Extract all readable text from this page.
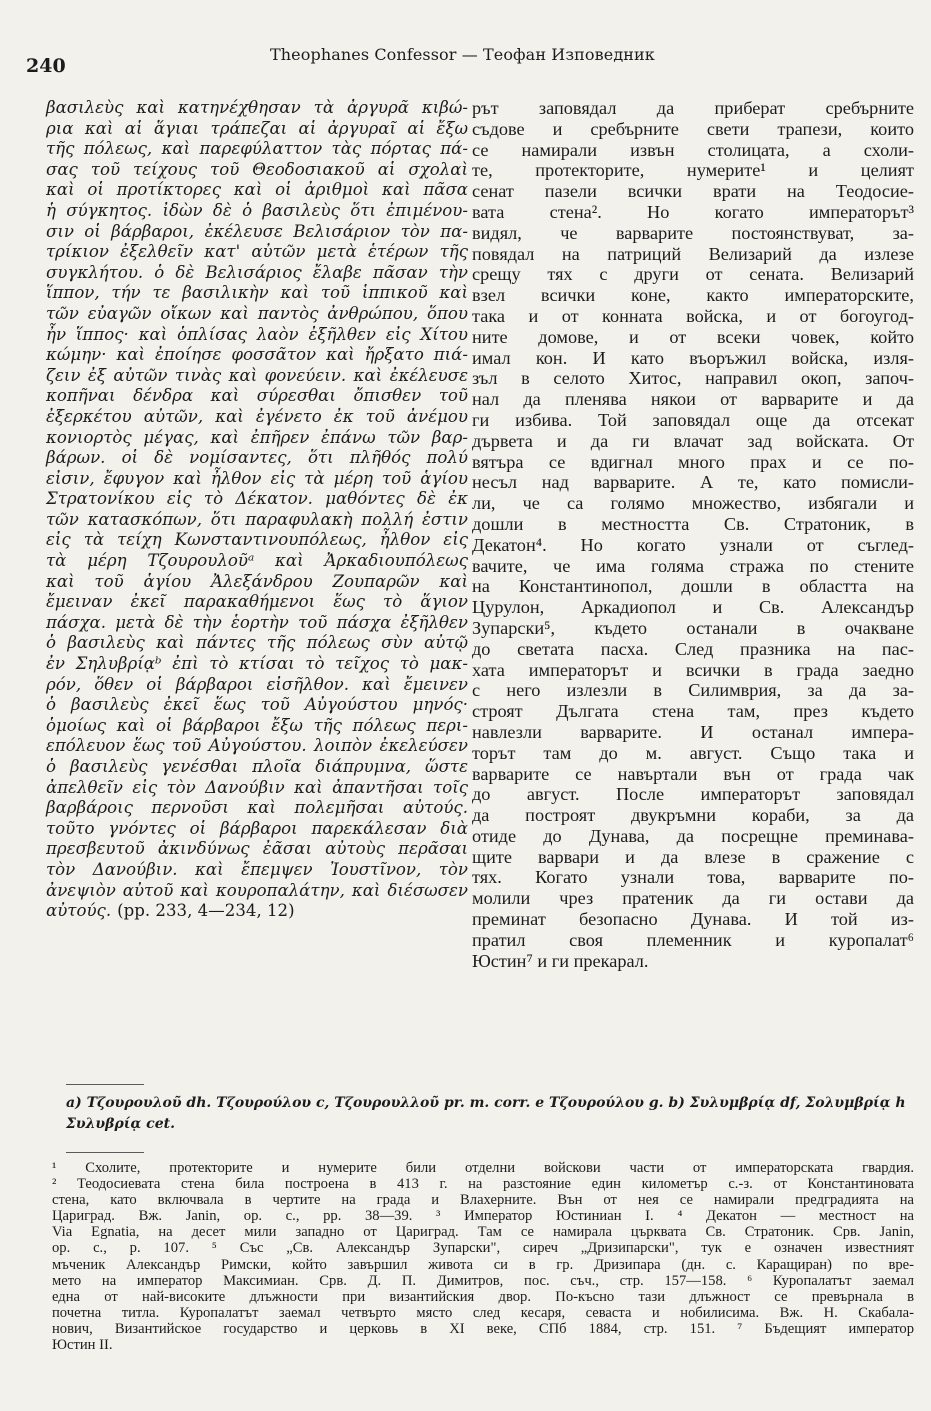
240
Theophanes Confessor — Теофан Изповедник
βασιλεὺς καὶ κατηνέχθησαν τὰ ἀργυρᾶ κιβώ-
ρια καὶ αἱ ἅγιαι τράπεζαι αἱ ἀργυραῖ αἱ ἔξω
τῆς πόλεως, καὶ παρεφύλαττον τὰς πόρτας πά-
σας τοῦ τείχους τοῦ Θεοδοσιακοῦ αἱ σχολαὶ
καὶ οἱ προτίκτορες καὶ οἱ ἀριθμοὶ καὶ πᾶσα
ἡ σύγκητος. ἰδὼν δὲ ὁ βασιλεὺς ὅτι ἐπιμένου-
σιν οἱ βάρβαροι, ἐκέλευσε Βελισάριον τὸν πα-
τρίκιον ἐξελθεῖν κατ' αὐτῶν μετὰ ἑτέρων τῆς
συγκλήτου. ὁ δὲ Βελισάριος ἔλαβε πᾶσαν τὴν
ἵππον, τήν τε βασιλικὴν καὶ τοῦ ἱππικοῦ καὶ
τῶν εὐαγῶν οἴκων καὶ παντὸς ἀνθρώπου, ὅπου
ἦν ἵππος· καὶ ὁπλίσας λαὸν ἐξῆλθεν εἰς Χίτου
κώμην· καὶ ἐποίησε φοσσᾶτον καὶ ἤρξατο πιά-
ζειν ἐξ αὐτῶν τινὰς καὶ φονεύειν. καὶ ἐκέλευσε
κοπῆναι δένδρα καὶ σύρεσθαι ὄπισθεν τοῦ
ἐξερκέτου αὐτῶν, καὶ ἐγένετο ἐκ τοῦ ἀνέμου
κονιορτὸς μέγας, καὶ ἐπῆρεν ἐπάνω τῶν βαρ-
βάρων. οἱ δὲ νομίσαντες, ὅτι πλῆθός πολύ
εἰσιν, ἔφυγον καὶ ἦλθον εἰς τὰ μέρη τοῦ ἁγίου
Στρατονίκου εἰς τὸ Δέκατον. μαθόντες δὲ ἐκ
τῶν κατασκόπων, ὅτι παραφυλακὴ πολλή ἐστιν
εἰς τὰ τείχη Κωνσταντινουπόλεως, ἦλθον εἰς
τὰ μέρη Τζουρουλοῦᵃ καὶ Ἀρκαδιουπόλεως
καὶ τοῦ ἁγίου Ἀλεξάνδρου Ζουπαρῶν καὶ
ἔμειναν ἐκεῖ παρακαθήμενοι ἕως τὸ ἅγιον
πάσχα. μετὰ δὲ τὴν ἑορτὴν τοῦ πάσχα ἐξῆλθεν
ὁ βασιλεὺς καὶ πάντες τῆς πόλεως σὺν αὐτῷ
ἐν Σηλυβρίᾳᵇ ἐπὶ τὸ κτίσαι τὸ τεῖχος τὸ μακ-
ρόν, ὅθεν οἱ βάρβαροι εἰσῆλθον. καὶ ἔμεινεν
ὁ βασιλεὺς ἐκεῖ ἕως τοῦ Αὐγούστου μηνός·
ὁμοίως καὶ οἱ βάρβαροι ἔξω τῆς πόλεως περι-
επόλευον ἕως τοῦ Αὐγούστου. λοιπὸν ἐκελεύσεν
ὁ βασιλεὺς γενέσθαι πλοῖα διάπρυμνα, ὥστε
ἀπελθεῖν εἰς τὸν Δανούβιν καὶ ἀπαντῆσαι τοῖς
βαρβάροις περνοῦσι καὶ πολεμῆσαι αὐτούς.
τοῦτο γνόντες οἱ βάρβαροι παρεκάλεσαν διὰ
πρεσβευτοῦ ἀκινδύνως ἐᾶσαι αὐτοὺς περᾶσαι
τὸν Δανούβιν. καὶ ἔπεμψεν Ἰουστῖνον, τὸν
ἀνεψιὸν αὐτοῦ καὶ κουροπαλάτην, καὶ διέσωσεν
αὐτούς. (pp. 233, 4—234, 12)
рът заповядал да приберат сребърните
съдове и сребърните свети трапези, които
се намирали извън столицата, а схоли-
те, протекторите, нумерите¹ и целият
сенат пазели всички врати на Теодосие-
вата стена². Но когато императорът³
видял, че варварите постоянствуват, за-
повядал на патриций Велизарий да излезе
срещу тях с други от сената. Велизарий
взел всички коне, както императорските,
така и от конната войска, и от богоугод-
ните домове, и от всеки човек, който
имал кон. И като въоръжил войска, изля-
зъл в селото Хитос, направил окоп, започ-
нал да пленява някои от варварите и да
ги избива. Той заповядал още да отсекат
дървета и да ги влачат зад войската. От
вятъра се вдигнал много прах и се по-
несъл над варварите. А те, като помисли-
ли, че са голямо множество, избягали и
дошли в местността Св. Стратоник, в
Декатон⁴. Но когато узнали от съглед-
вачите, че има голяма стража по стените
на Константинопол, дошли в областта на
Цурулон, Аркадиопол и Св. Александър
Зупарски⁵, където останали в очакване
до светата пасха. След празника на пас-
хата императорът и всички в града заедно
с него излезли в Силимврия, за да за-
строят Дългата стена там, през където
навлезли варварите. И останал импера-
торът там до м. август. Също така и
варварите се навъртали вън от града чак
до август. После императорът заповядал
да построят двукръмни кораби, за да
отиде до Дунава, да посрещне преминава-
щите варвари и да влезе в сражение с
тях. Когато узнали това, варварите по-
молили чрез пратеник да ги остави да
преминат безопасно Дунава. И той из-
пратил своя племенник и куропалат⁶
Юстин⁷ и ги прекарал.
a) Τζουρουλοῦ dh. Τζουρούλου c, Τζουρουλλοῦ pr. m. corr. e Τζουρούλου g. b) Συλυμβρίᾳ df, Σολυμβρίᾳ h
Συλυβρίᾳ cet.
¹ Схолите, протекторите и нумерите били отделни войскови части от императорската гвардия.
² Теодосиевата стена била построена в 413 г. на разстояние един километър с.-з. от Константиновата
стена, като включвала в чертите на града и Влахерните. Вън от нея се намирали предградията на
Цариград. Вж. Janin, op. c., pp. 38—39. ³ Император Юстиниан I. ⁴ Декатон — местност на
Via Egnatia, на десет мили западно от Цариград. Там се намирала църквата Св. Стратоник. Срв. Janin,
op. c., p. 107. ⁵ Със „Св. Александър Зупарски", сиреч „Дризипарски", тук е означен известният
мъченик Александър Римски, който завършил живота си в гр. Дризипара (дн. с. Каращиран) по вре-
мето на император Максимиан. Срв. Д. П. Димитров, пос. съч., стр. 157—158. ⁶ Куропалатът заемал
една от най-високите длъжности при византийския двор. По-късно тази длъжност се превърнала в
почетна титла. Куропалатът заемал четвърто място след кесаря, севаста и нобилисима. Вж. Н. Скабала-
нович, Византийское государство и церковь в XI веке, СПб 1884, стр. 151. ⁷ Бъдещият император
Юстин II.
